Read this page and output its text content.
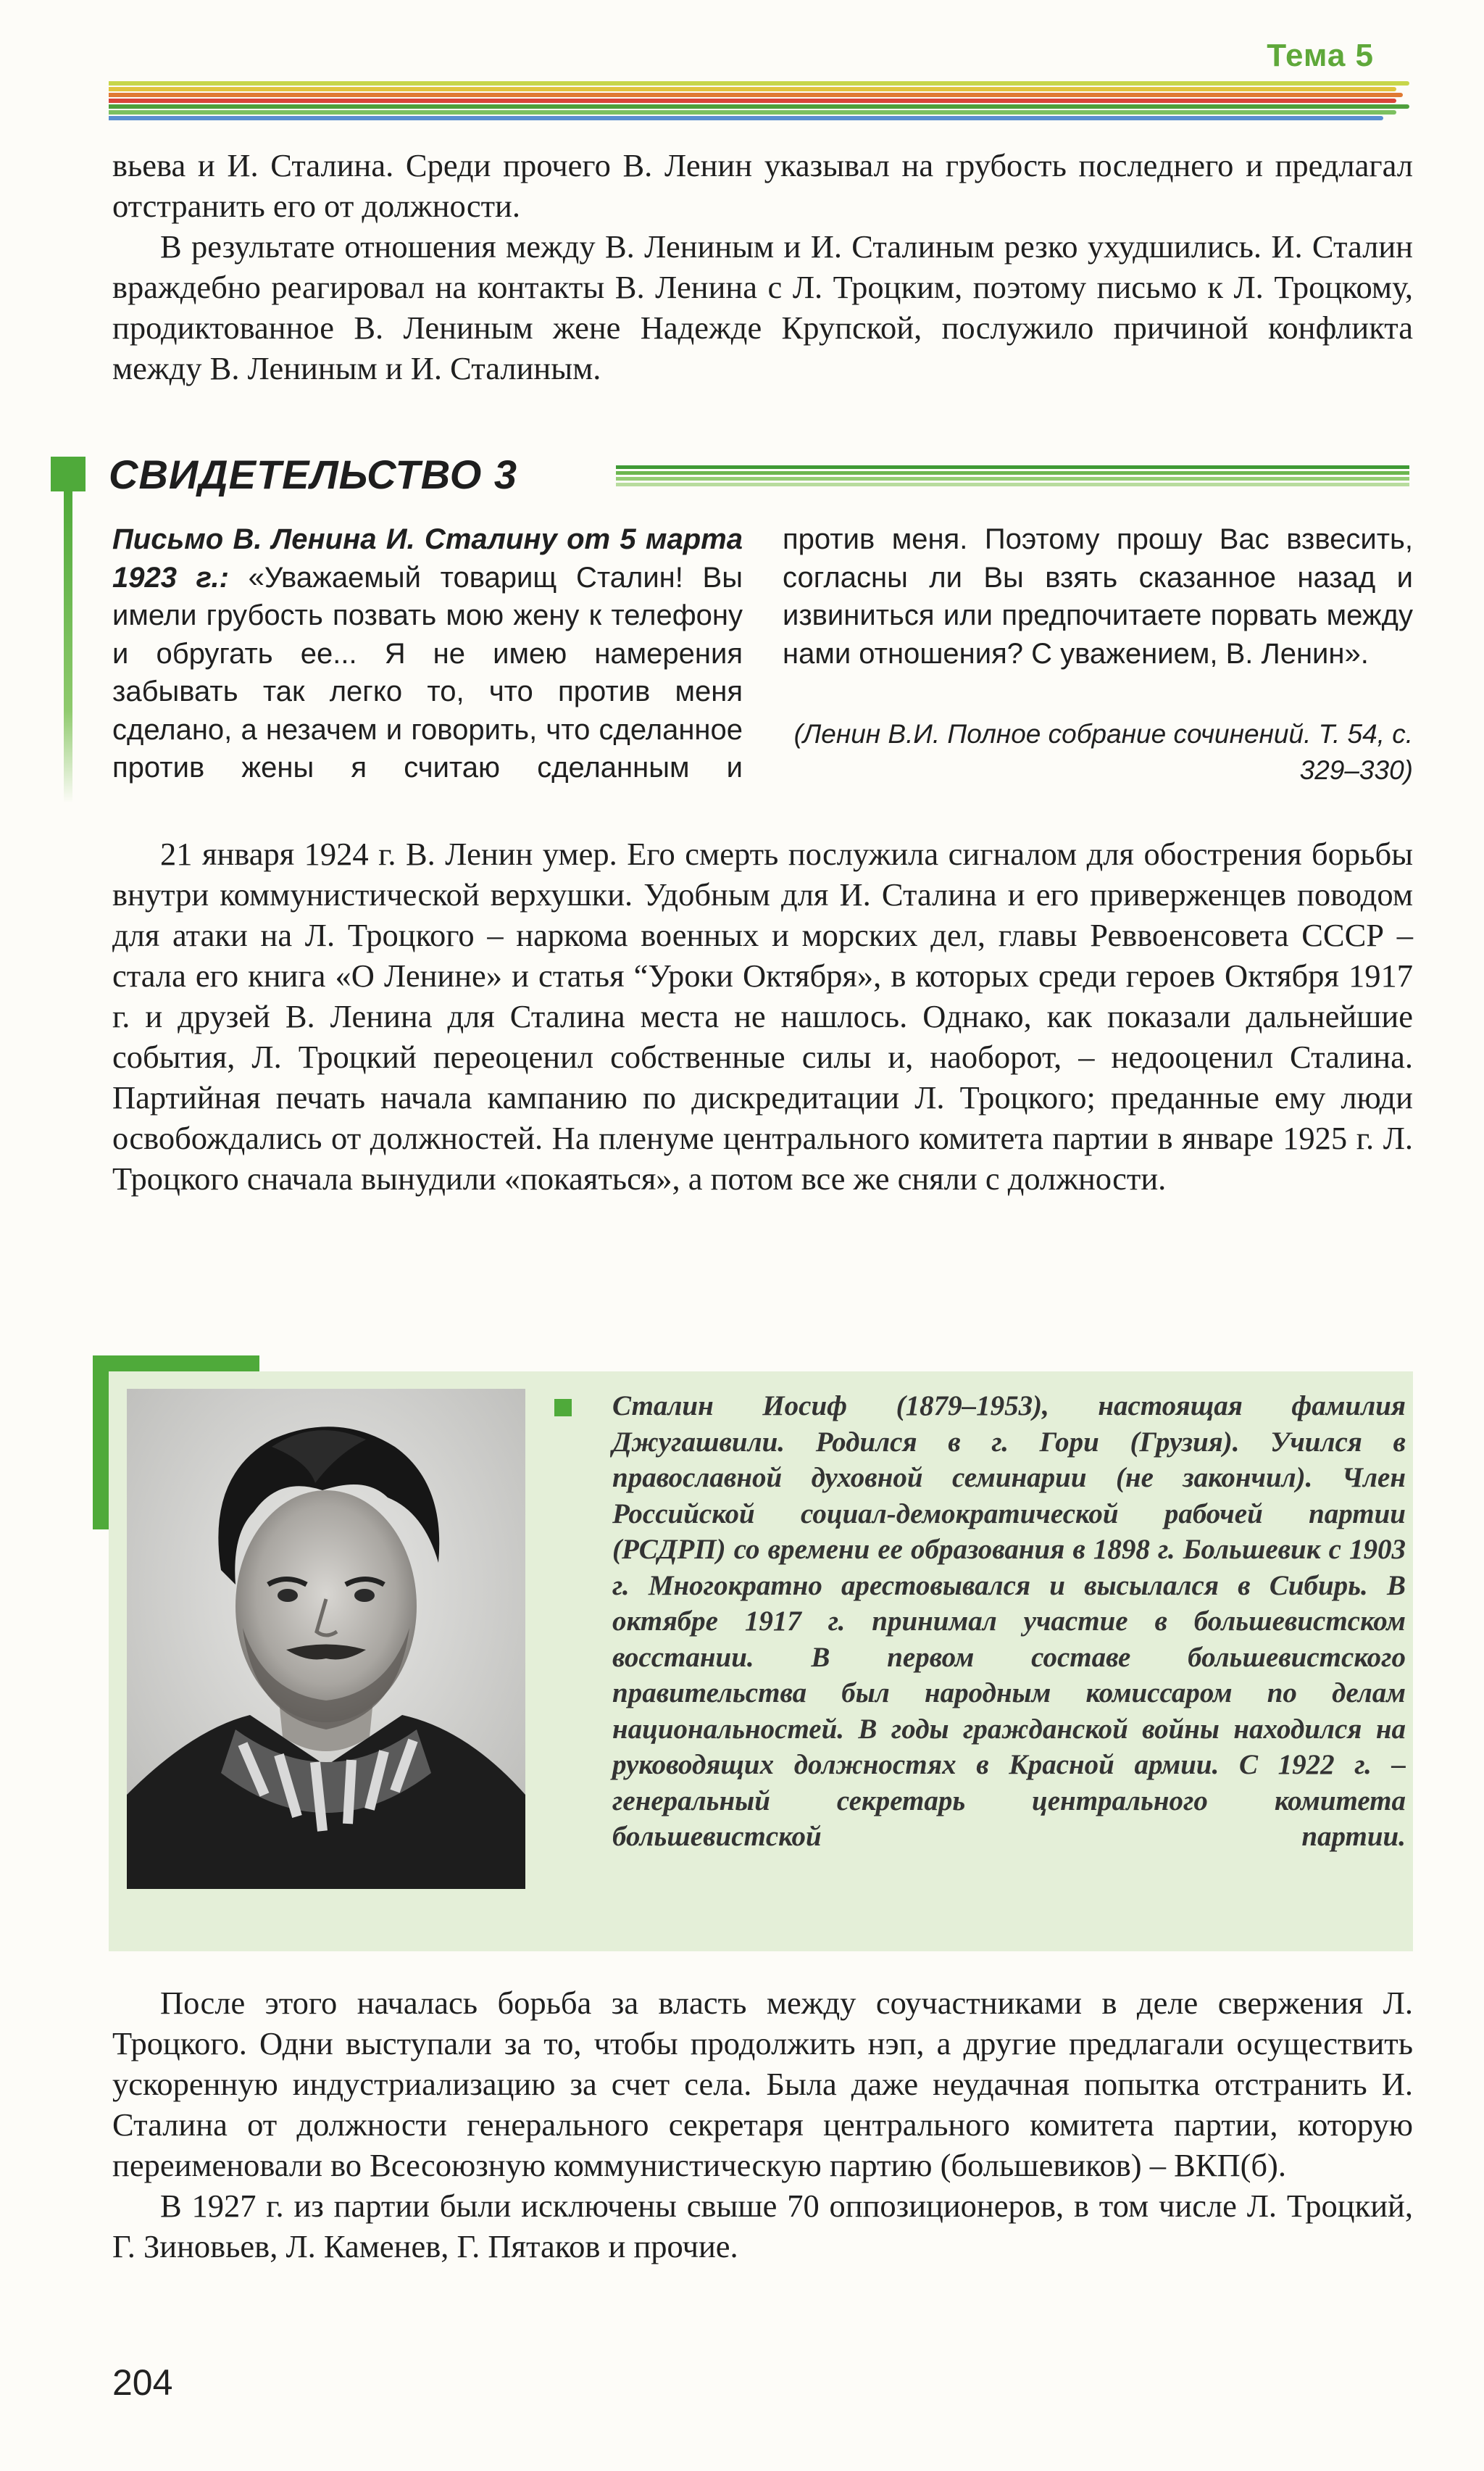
Тема 5

вьева и И. Сталина. Среди прочего В. Ленин указывал на грубость последнего и предлагал отстранить его от должности.

В результате отношения между В. Лениным и И. Сталиным резко ухудшились. И. Сталин враждебно реагировал на контакты В. Ленина с Л. Троцким, поэтому письмо к Л. Троцкому, продиктованное В. Лениным жене Надежде Крупской, послужило причиной конфликта между В. Лениным и И. Сталиным.

СВИДЕТЕЛЬСТВО 3

Письмо В. Ленина И. Сталину от 5 марта 1923 г.: «Уважаемый товарищ Сталин! Вы имели грубость позвать мою жену к телефону и обругать ее... Я не имею намерения забывать так легко то, что против меня сделано, а незачем и говорить, что сделанное против жены я считаю сделанным и

против меня. Поэтому прошу Вас взвесить, согласны ли Вы взять сказанное назад и извиниться или предпочитаете порвать между нами отношения? С уважением, В. Ленин».

(Ленин В.И. Полное собрание сочинений. Т. 54, с. 329–330)

21 января 1924 г. В. Ленин умер. Его смерть послужила сигналом для обострения борьбы внутри коммунистической верхушки. Удобным для И. Сталина и его приверженцев поводом для атаки на Л. Троцкого – наркома военных и морских дел, главы Реввоенсовета СССР – стала его книга «О Ленине» и статья “Уроки Октября», в которых среди героев Октября 1917 г. и друзей В. Ленина для Сталина места не нашлось. Однако, как показали дальнейшие события, Л. Троцкий переоценил собственные силы и, наоборот, – недооценил Сталина. Партийная печать начала кампанию по дискредитации Л. Троцкого; преданные ему люди освобождались от должностей. На пленуме центрального комитета партии в январе 1925 г. Л. Троцкого сначала вынудили «покаяться», а потом все же сняли с должности.

Сталин Иосиф (1879–1953), настоящая фамилия Джугашвили. Родился в г. Гори (Грузия). Учился в православной духовной семинарии (не закончил). Член Российской социал-демократической рабочей партии (РСДРП) со времени ее образования в 1898 г. Большевик с 1903 г. Многократно арестовывался и высылался в Сибирь. В октябре 1917 г. принимал участие в большевистском восстании. В первом составе большевистского правительства был народным комиссаром по делам национальностей. В годы гражданской войны находился на руководящих должностях в Красной армии. С 1922 г. – генеральный секретарь центрального комитета большевистской партии.

После этого началась борьба за власть между соучастниками в деле свержения Л. Троцкого. Одни выступали за то, чтобы продолжить нэп, а другие предлагали осуществить ускоренную индустриализацию за счет села. Была даже неудачная попытка отстранить И. Сталина от должности генерального секретаря центрального комитета партии, которую переименовали во Всесоюзную коммунистическую партию (большевиков) – ВКП(б).

В 1927 г. из партии были исключены свыше 70 оппозиционеров, в том числе Л. Троцкий, Г. Зиновьев, Л. Каменев, Г. Пятаков и прочие.

204
